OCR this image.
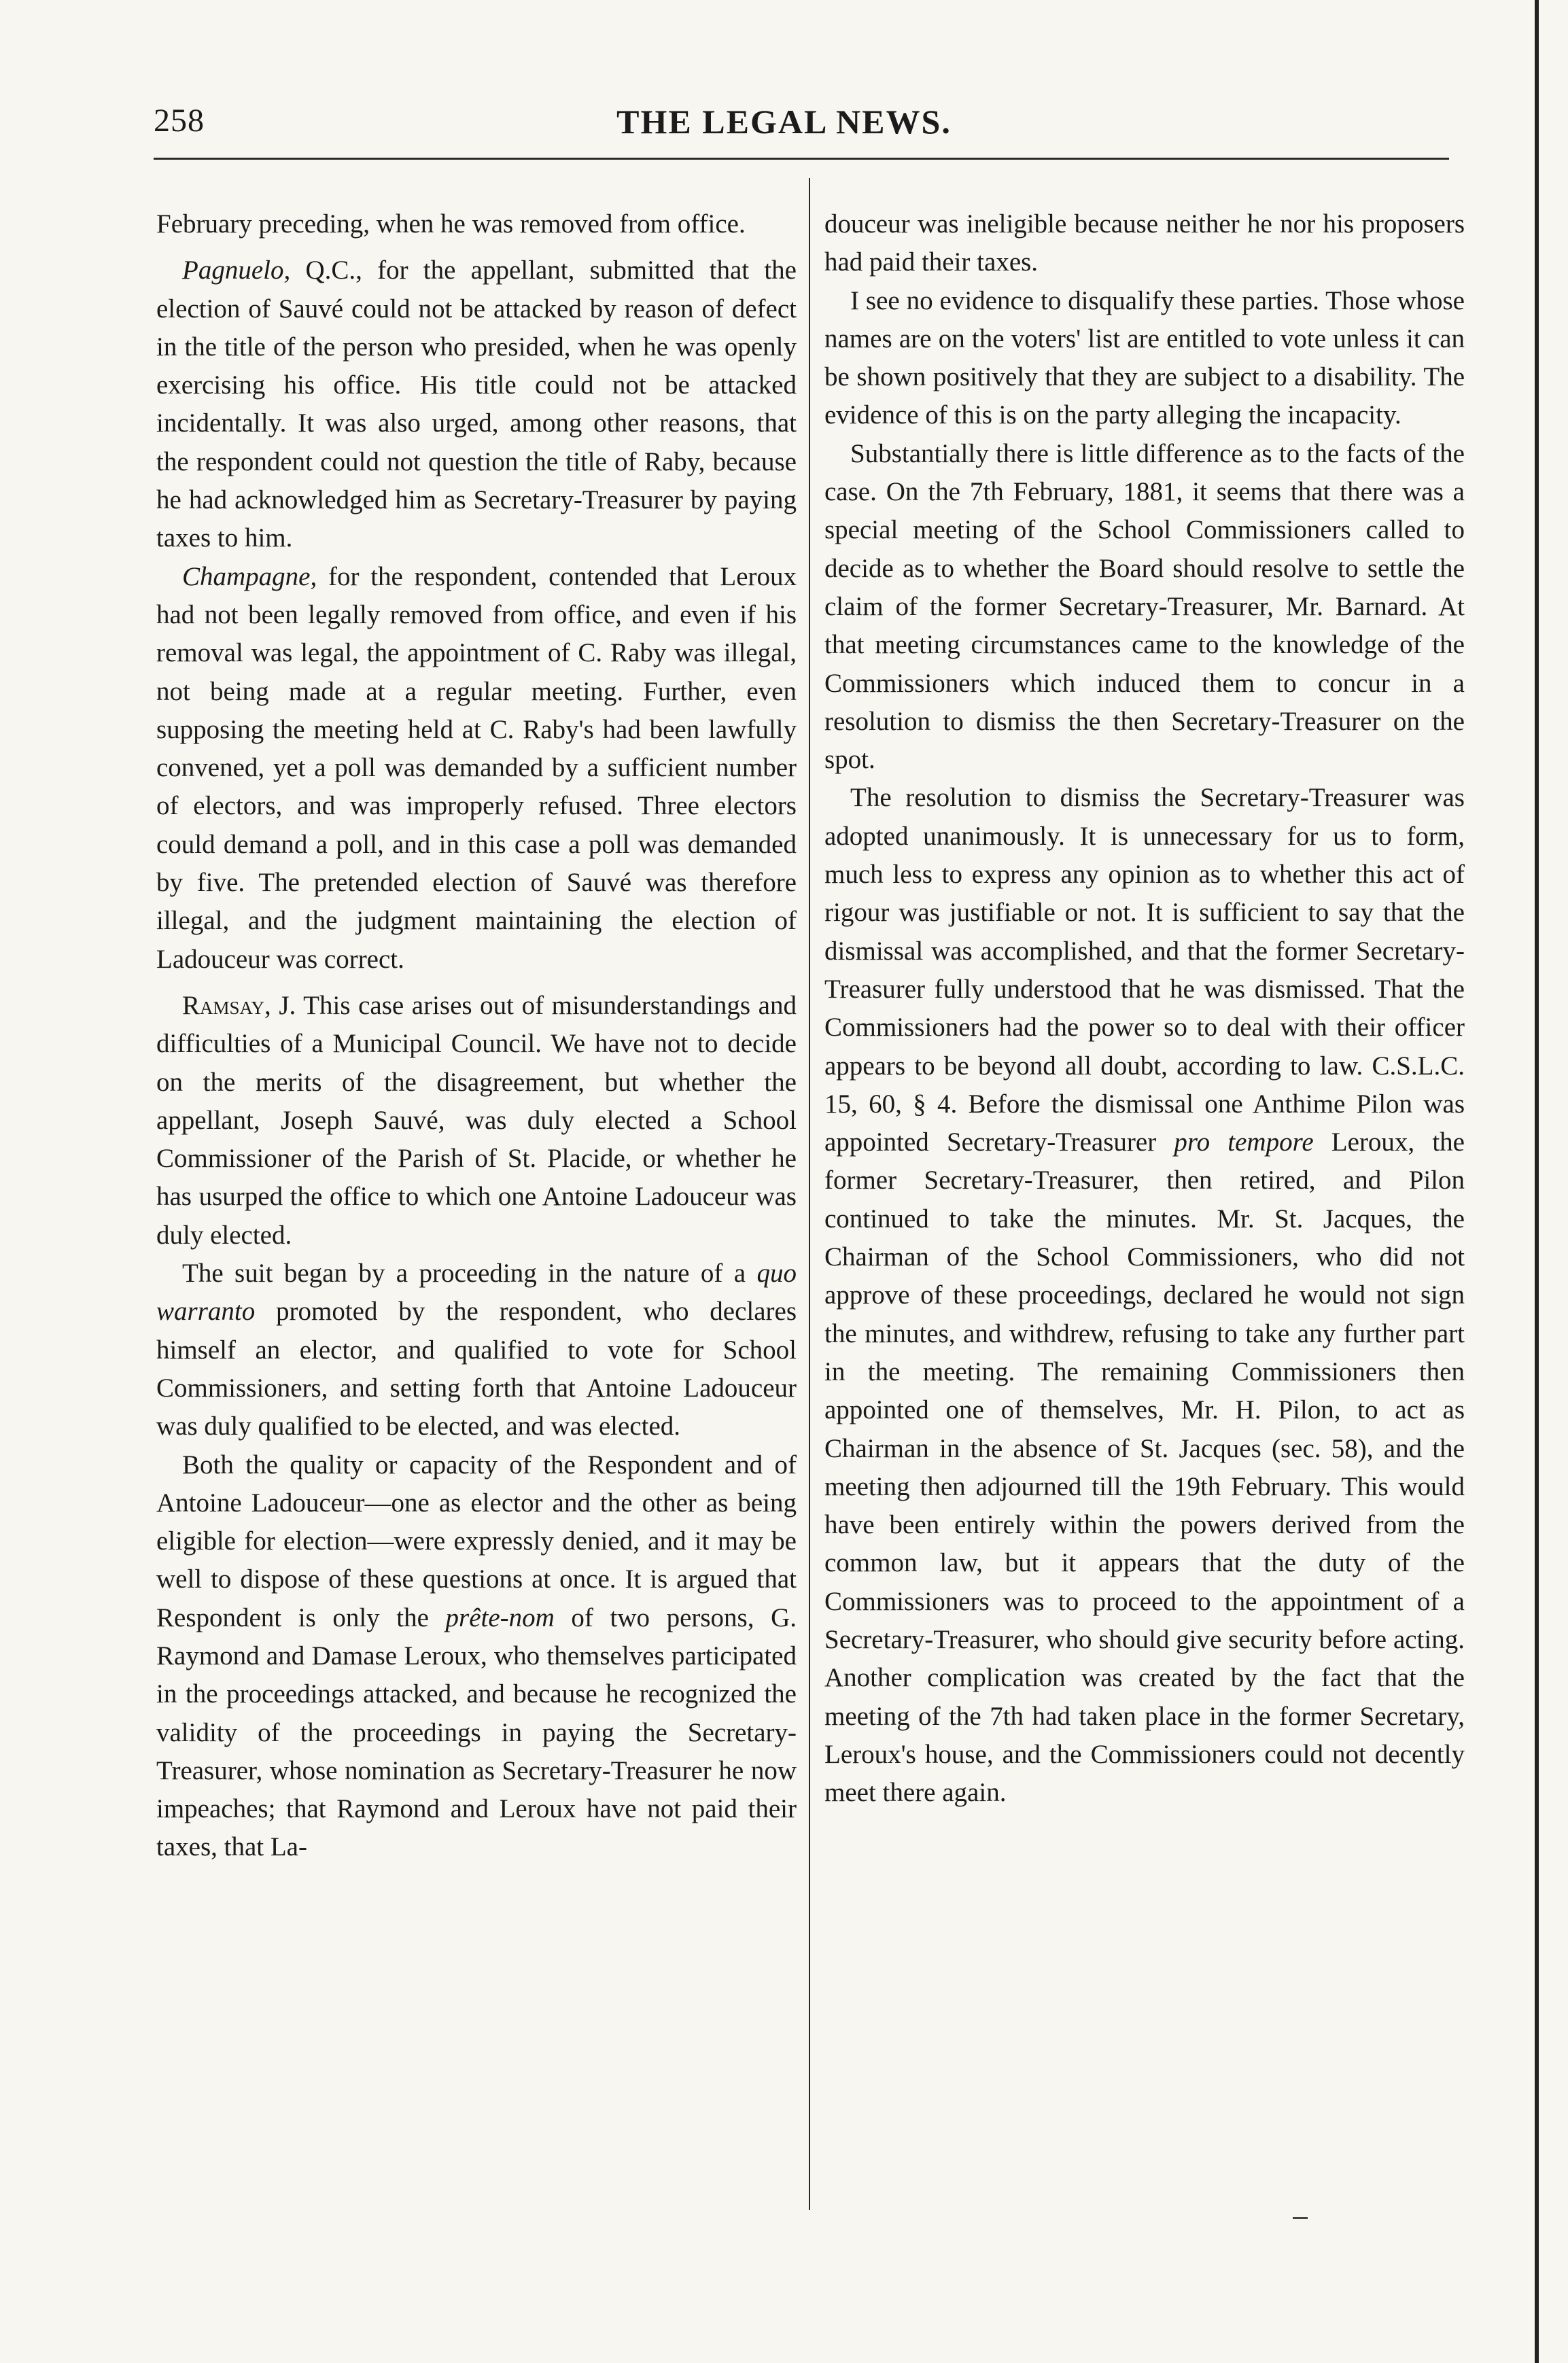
258	THE LEGAL NEWS.

February preceding, when he was removed from office.

Pagnuelo, Q.C., for the appellant, submitted that the election of Sauvé could not be attacked by reason of defect in the title of the person who presided, when he was openly exercising his office. His title could not be attacked incidentally. It was also urged, among other reasons, that the respondent could not question the title of Raby, because he had acknowledged him as Secretary-Treasurer by paying taxes to him.

Champagne, for the respondent, contended that Leroux had not been legally removed from office, and even if his removal was legal, the appointment of C. Raby was illegal, not being made at a regular meeting. Further, even supposing the meeting held at C. Raby's had been lawfully convened, yet a poll was demanded by a sufficient number of electors, and was improperly refused. Three electors could demand a poll, and in this case a poll was demanded by five. The pretended election of Sauvé was therefore illegal, and the judgment maintaining the election of Ladouceur was correct.

Ramsay, J. This case arises out of misunderstandings and difficulties of a Municipal Council. We have not to decide on the merits of the disagreement, but whether the appellant, Joseph Sauvé, was duly elected a School Commissioner of the Parish of St. Placide, or whether he has usurped the office to which one Antoine Ladouceur was duly elected.

The suit began by a proceeding in the nature of a quo warranto promoted by the respondent, who declares himself an elector, and qualified to vote for School Commissioners, and setting forth that Antoine Ladouceur was duly qualified to be elected, and was elected.

Both the quality or capacity of the Respondent and of Antoine Ladouceur—one as elector and the other as being eligible for election—were expressly denied, and it may be well to dispose of these questions at once. It is argued that Respondent is only the prête-nom of two persons, G. Raymond and Damase Leroux, who themselves participated in the proceedings attacked, and because he recognized the validity of the proceedings in paying the Secretary-Treasurer, whose nomination as Secretary-Treasurer he now impeaches; that Raymond and Leroux have not paid their taxes, that La-

douceur was ineligible because neither he nor his proposers had paid their taxes.

I see no evidence to disqualify these parties. Those whose names are on the voters' list are entitled to vote unless it can be shown positively that they are subject to a disability. The evidence of this is on the party alleging the incapacity.

Substantially there is little difference as to the facts of the case. On the 7th February, 1881, it seems that there was a special meeting of the School Commissioners called to decide as to whether the Board should resolve to settle the claim of the former Secretary-Treasurer, Mr. Barnard. At that meeting circumstances came to the knowledge of the Commissioners which induced them to concur in a resolution to dismiss the then Secretary-Treasurer on the spot.

The resolution to dismiss the Secretary-Treasurer was adopted unanimously. It is unnecessary for us to form, much less to express any opinion as to whether this act of rigour was justifiable or not. It is sufficient to say that the dismissal was accomplished, and that the former Secretary-Treasurer fully understood that he was dismissed. That the Commissioners had the power so to deal with their officer appears to be beyond all doubt, according to law. C.S.L.C. 15, 60, § 4. Before the dismissal one Anthime Pilon was appointed Secretary-Treasurer pro tempore Leroux, the former Secretary-Treasurer, then retired, and Pilon continued to take the minutes. Mr. St. Jacques, the Chairman of the School Commissioners, who did not approve of these proceedings, declared he would not sign the minutes, and withdrew, refusing to take any further part in the meeting. The remaining Commissioners then appointed one of themselves, Mr. H. Pilon, to act as Chairman in the absence of St. Jacques (sec. 58), and the meeting then adjourned till the 19th February. This would have been entirely within the powers derived from the common law, but it appears that the duty of the Commissioners was to proceed to the appointment of a Secretary-Treasurer, who should give security before acting. Another complication was created by the fact that the meeting of the 7th had taken place in the former Secretary, Leroux's house, and the Commissioners could not decently meet there again.
